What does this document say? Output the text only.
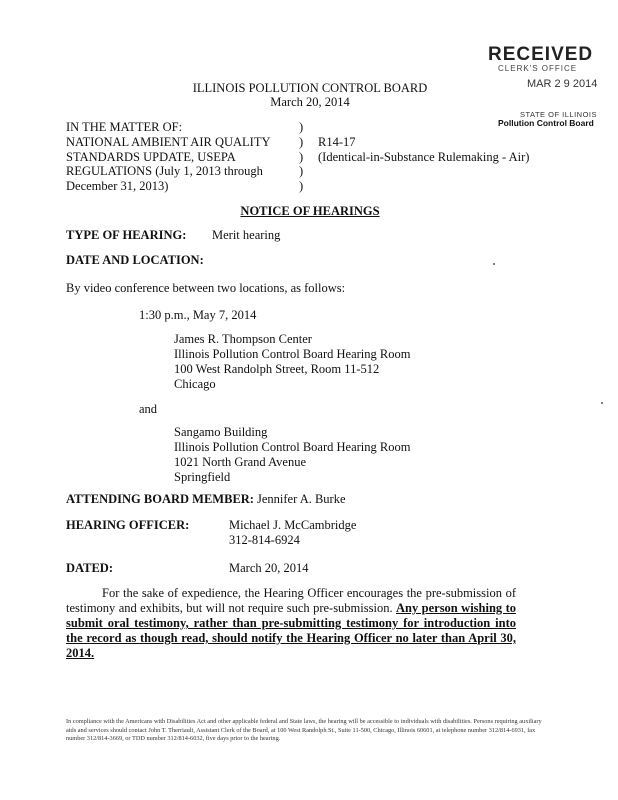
RECEIVED
CLERK'S OFFICE
MAR 2 9 2014
STATE OF ILLINOIS
Pollution Control Board
ILLINOIS POLLUTION CONTROL BOARD
March 20, 2014
IN THE MATTER OF:
NATIONAL AMBIENT AIR QUALITY
STANDARDS UPDATE, USEPA
REGULATIONS (July 1, 2013 through
December 31, 2013)
)
)
)
)
)
R14-17
(Identical-in-Substance Rulemaking - Air)
NOTICE OF HEARINGS
TYPE OF HEARING: Merit hearing
DATE AND LOCATION:
By video conference between two locations, as follows:
1:30 p.m., May 7, 2014
James R. Thompson Center
Illinois Pollution Control Board Hearing Room
100 West Randolph Street, Room 11-512
Chicago
and
Sangamo Building
Illinois Pollution Control Board Hearing Room
1021 North Grand Avenue
Springfield
ATTENDING BOARD MEMBER: Jennifer A. Burke
HEARING OFFICER:	Michael J. McCambridge
312-814-6924
DATED:	March 20, 2014
For the sake of expedience, the Hearing Officer encourages the pre-submission of testimony and exhibits, but will not require such pre-submission. Any person wishing to submit oral testimony, rather than pre-submitting testimony for introduction into the record as though read, should notify the Hearing Officer no later than April 30, 2014.
In compliance with the Americans with Disabilities Act and other applicable federal and State laws, the hearing will be accessible to individuals with disabilities. Persons requiring auxiliary aids and services should contact John T. Therriault, Assistant Clerk of the Board, at 100 West Randolph St., Suite 11-500, Chicago, Illinois 60601, at telephone number 312/814-6931, fax number 312/814-3669, or TDD number 312/814-6032, five days prior to the hearing.
